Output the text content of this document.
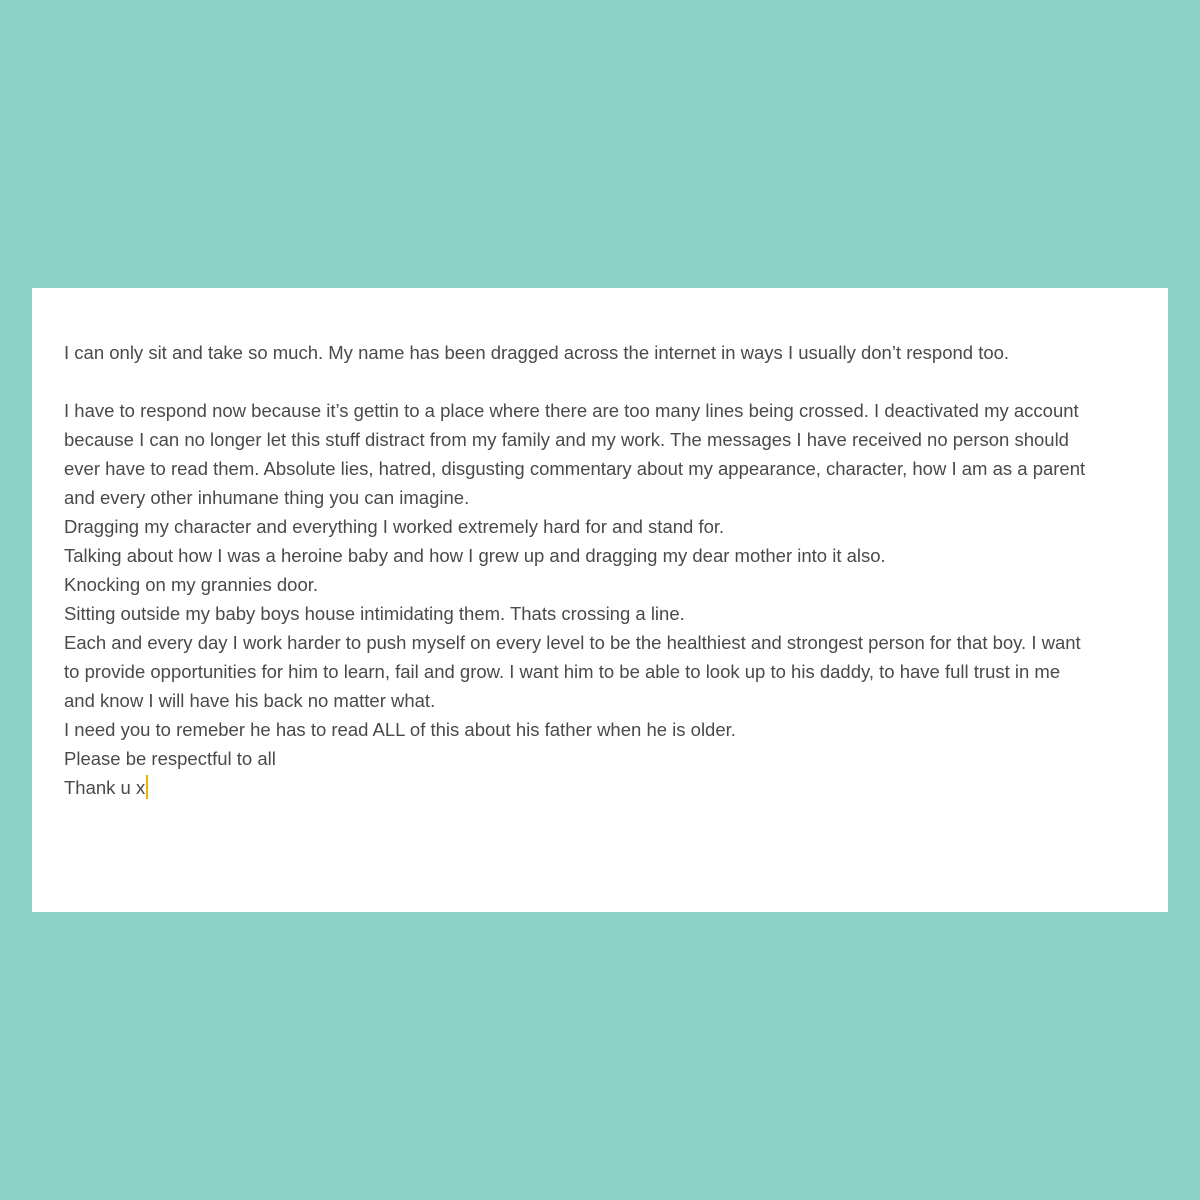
I can only sit and take so much. My name has been dragged across the internet in ways I usually don’t respond too.
I have to respond now because it’s gettin to a place where there are too many lines being crossed. I deactivated my account
because I can no longer let this stuff distract from my family and my work. The messages I have received no person should
ever have to read them. Absolute lies, hatred, disgusting commentary about my appearance, character, how I am as a parent
and every other inhumane thing you can imagine.
Dragging my character and everything I worked extremely hard for and stand for.
Talking about how I was a heroine baby and how I grew up and dragging my dear mother into it also.
Knocking on my grannies door.
Sitting outside my baby boys house intimidating them. Thats crossing a line.
Each and every day I work harder to push myself on every level to be the healthiest and strongest person for that boy. I want
to provide opportunities for him to learn, fail and grow. I want him to be able to look up to his daddy, to have full trust in me
and know I will have his back no matter what.
I need you to remeber he has to read ALL of this about his father when he is older.
Please be respectful to all
Thank u x
